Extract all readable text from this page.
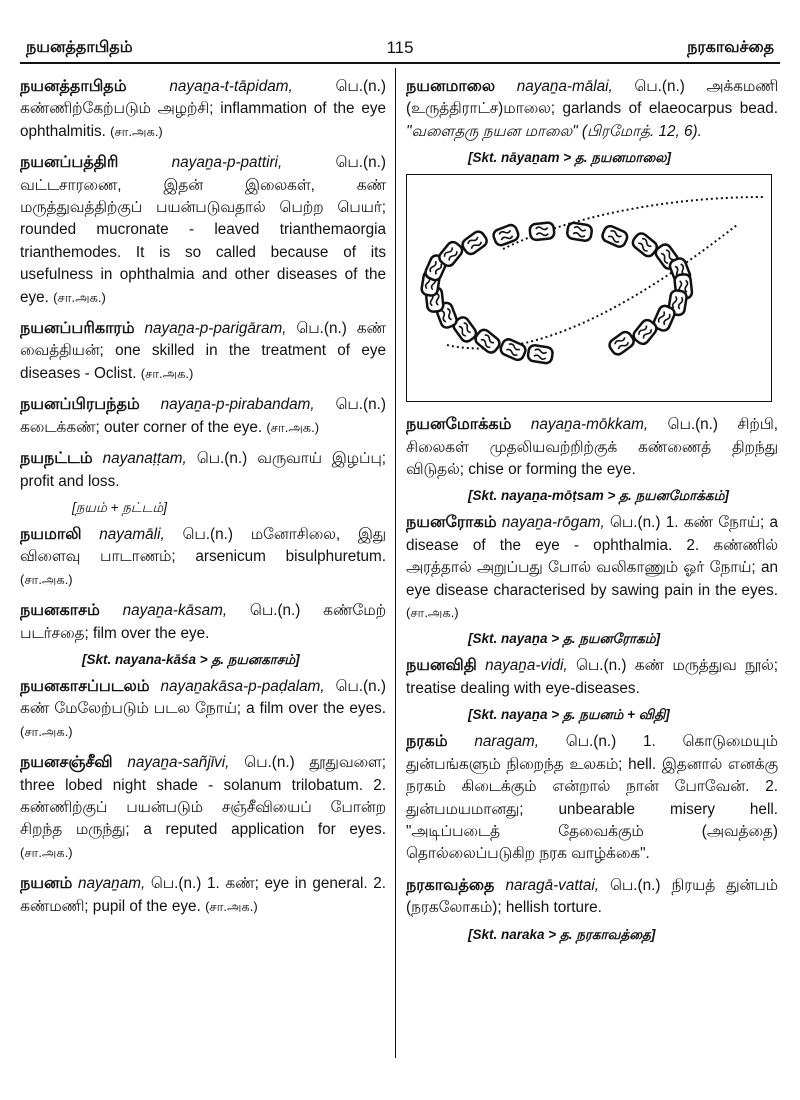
நயனத்தாபிதம்	115	நரகாவச்தை
நயனத்தாபிதம்	nayaṉa-t-tāpidam, பெ.(n.) கண்ணிற்கேற்படும் அழற்சி; inflammation of the eye ophthalmitis. (சா.அக.)
நயனப்பத்திரி	nayaṉa-p-pattiri, பெ.(n.) வட்டசாரணை, இதன் இலைகள், கண் மருத்துவத்திற்குப் பயன்படுவதால் பெற்ற பெயர்; rounded mucronate - leaved trianthemaorgia trianthemodes. It is so called because of its usefulness in ophthalmia and other diseases of the eye. (சா.அக.)
நயனப்பரிகாரம் nayaṉa-p-parigāram, பெ.(n.) கண் வைத்தியன்; one skilled in the treatment of eye diseases - Oclist. (சா.அக.)
நயனப்பிரபந்தம் nayaṉa-p-pirabandam, பெ.(n.) கடைக்கண்; outer corner of the eye. (சா.அக.)
நயநட்டம் nayanaṭṭam, பெ.(n.) வருவாய் இழப்பு; profit and loss.
[நயம் + நட்டம்]
நயமாலி nayamāli, பெ.(n.) மனோசிலை, இது விளைவு பாடாணம்; arsenicum bisulphuretum. (சா.அக.)
நயனகாசம் nayaṉa-kāsam, பெ.(n.) கண்மேற் படர்சதை; film over the eye.
[Skt. nayana-kāśa > த. நயனகாசம்]
நயனகாசப்படலம் nayaṉakāsa-p-paḍalam, பெ.(n.) கண் மேலேற்படும் படல நோய்; a film over the eyes. (சா.அக.)
நயனசஞ்சீவி nayaṉa-sañjīvi, பெ.(n.) தூதுவளை; three lobed night shade - solanum trilobatum. 2. கண்ணிற்குப் பயன்படும் சஞ்சீவியைப் போன்ற சிறந்த மருந்து; a reputed application for eyes. (சா.அக.)
நயனம் nayaṉam, பெ.(n.) 1. கண்; eye in general. 2. கண்மணி; pupil of the eye. (சா.அக.)
நயனமாலை nayaṉa-mālai, பெ.(n.) அக்கமணி (உருத்திராட்ச)மாலை; garlands of elaeocarpus bead. "வளைதரு நயன மாலை" (பிரமோத். 12, 6).
[Skt. nāyaṉam > த. நயனமாலை]
நயனமோக்கம் nayaṉa-mōkkam, பெ.(n.) சிற்பி, சிலைகள் முதலியவற்றிற்குக் கண்ணைத் திறந்து விடுதல்; chise or forming the eye.
[Skt. nayaṉa-mōṭsam > த. நயனமோக்கம்]
நயனரோகம் nayaṉa-rōgam, பெ.(n.) 1. கண் நோய்; a disease of the eye - ophthalmia. 2. கண்ணில் அரத்தால் அறுப்பது போல் வலிகாணும் ஓர் நோய்; an eye disease characterised by sawing pain in the eyes. (சா.அக.)
[Skt. nayaṉa > த. நயனரோகம்]
நயனவிதி nayaṉa-vidi, பெ.(n.) கண் மருத்துவ நூல்; treatise dealing with eye-diseases.
[Skt. nayaṉa > த. நயனம் + விதி]
நரகம் naragam, பெ.(n.) 1. கொடுமையும் துன்பங்களும் நிறைந்த உலகம்; hell. இதனால் எனக்கு நரகம் கிடைக்கும் என்றால் நான் போவேன். 2. துன்பமயமானது; unbearable misery hell. "அடிப்படைத் தேவைக்கும் (அவத்தை) தொல்லைப்படுகிற நரக வாழ்க்கை".
நரகாவத்தை naragā-vattai, பெ.(n.) நிரயத் துன்பம் (நரகலோகம்); hellish torture.
[Skt. naraka > த. நரகாவத்தை]
